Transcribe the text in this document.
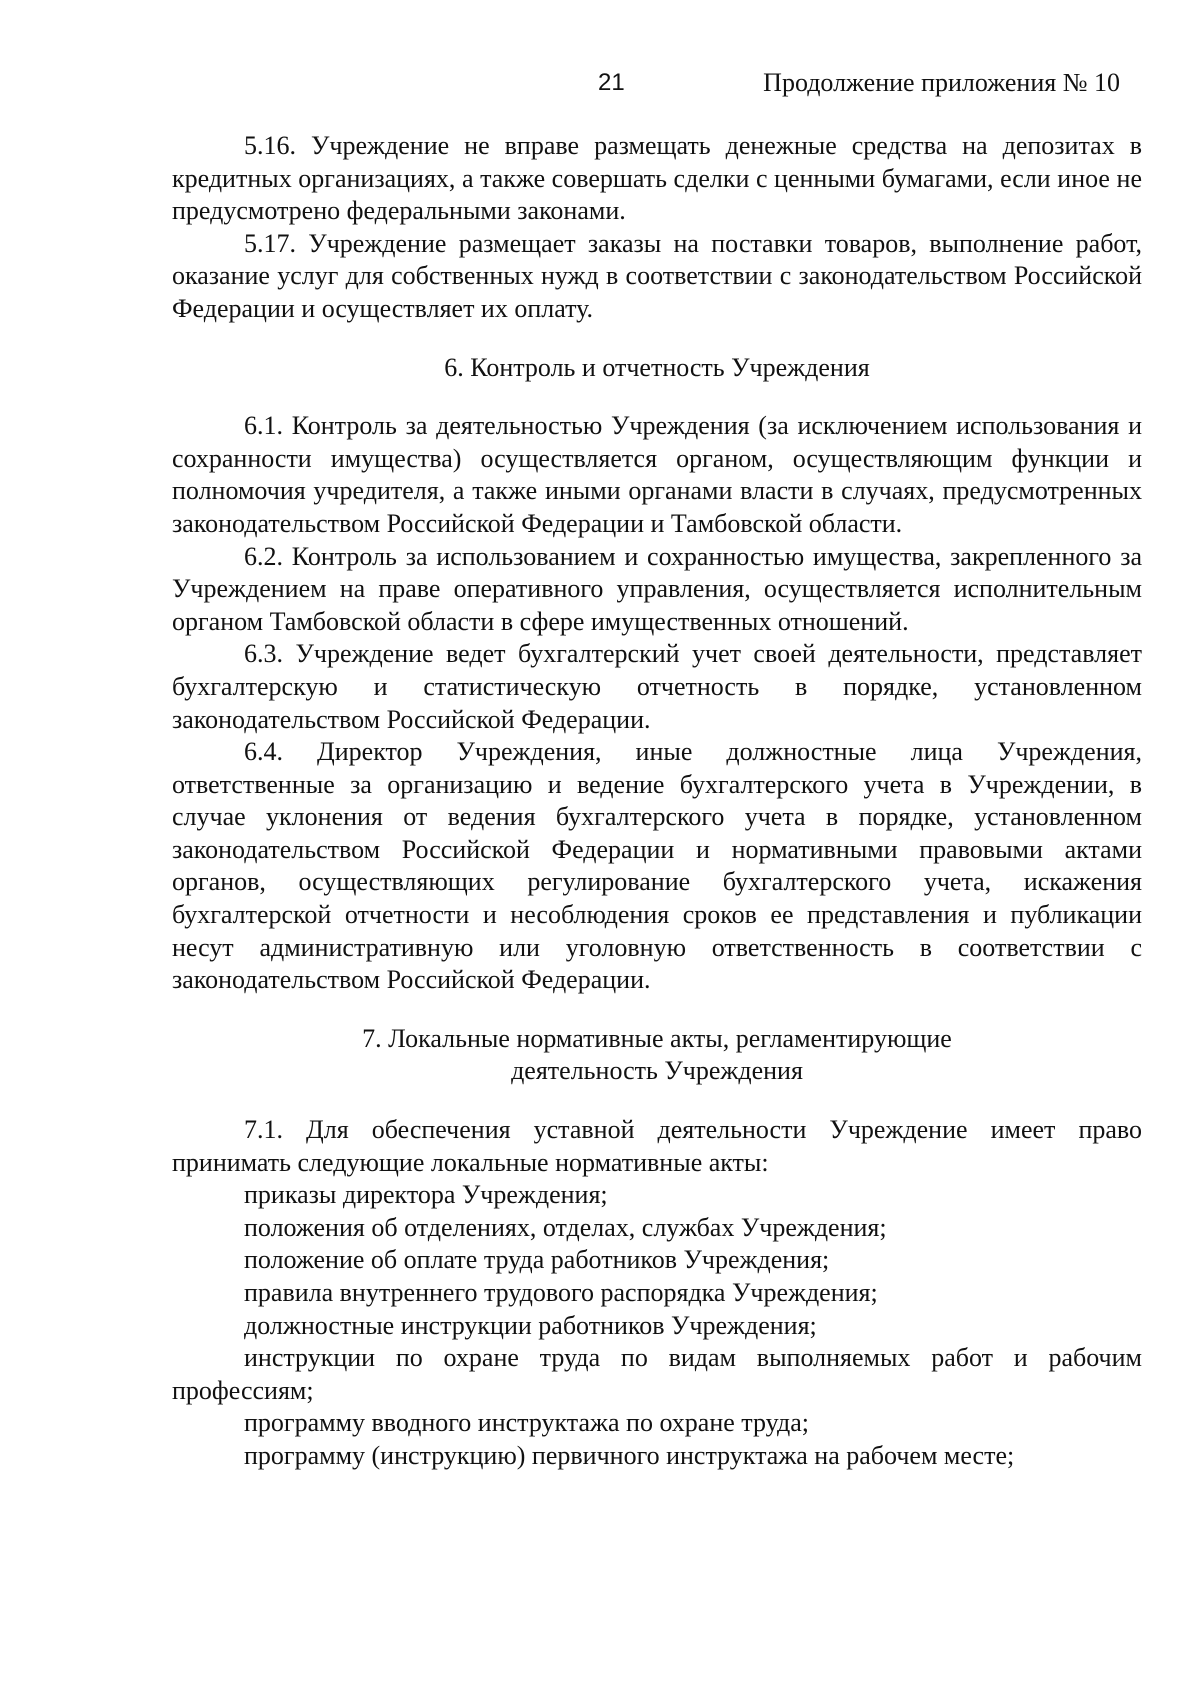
21	Продолжение приложения № 10

5.16. Учреждение не вправе размещать денежные средства на депозитах в кредитных организациях, а также совершать сделки с ценными бумагами, если иное не предусмотрено федеральными законами.

5.17. Учреждение размещает заказы на поставки товаров, выполнение работ, оказание услуг для собственных нужд в соответствии с законодательством Российской Федерации и осуществляет их оплату.

6. Контроль и отчетность Учреждения

6.1. Контроль за деятельностью Учреждения (за исключением использования и сохранности имущества) осуществляется органом, осуществляющим функции и полномочия учредителя, а также иными органами власти в случаях, предусмотренных законодательством Российской Федерации и Тамбовской области.

6.2. Контроль за использованием и сохранностью имущества, закрепленного за Учреждением на праве оперативного управления, осуществляется исполнительным органом Тамбовской области в сфере имущественных отношений.

6.3. Учреждение ведет бухгалтерский учет своей деятельности, представляет бухгалтерскую и статистическую отчетность в порядке, установленном законодательством Российской Федерации.

6.4. Директор Учреждения, иные должностные лица Учреждения, ответственные за организацию и ведение бухгалтерского учета в Учреждении, в случае уклонения от ведения бухгалтерского учета в порядке, установленном законодательством Российской Федерации и нормативными правовыми актами органов, осуществляющих регулирование бухгалтерского учета, искажения бухгалтерской отчетности и несоблюдения сроков ее представления и публикации несут административную или уголовную ответственность в соответствии с законодательством Российской Федерации.

7. Локальные нормативные акты, регламентирующие
деятельность Учреждения

7.1. Для обеспечения уставной деятельности Учреждение имеет право принимать следующие локальные нормативные акты:

приказы директора Учреждения;

положения об отделениях, отделах, службах Учреждения;

положение об оплате труда работников Учреждения;

правила внутреннего трудового распорядка Учреждения;

должностные инструкции работников Учреждения;

инструкции по охране труда по видам выполняемых работ и рабочим профессиям;

программу вводного инструктажа по охране труда;

программу (инструкцию) первичного инструктажа на рабочем месте;
